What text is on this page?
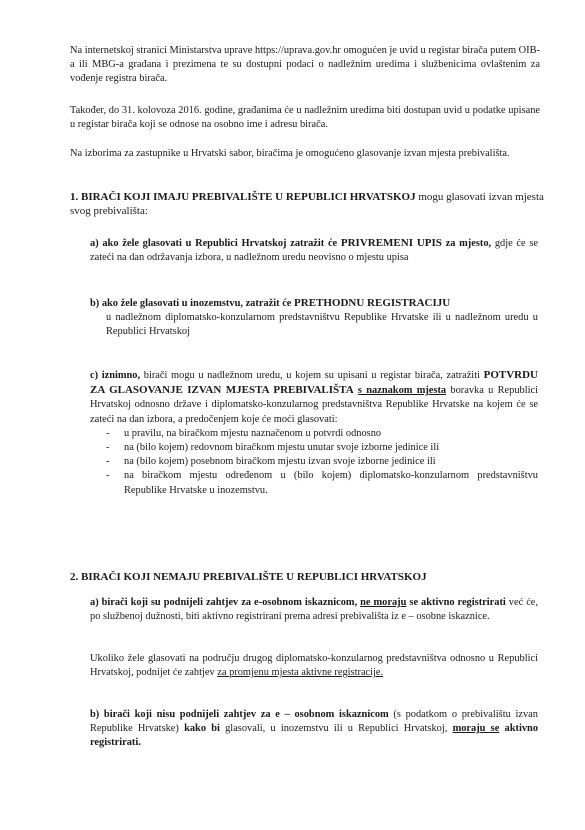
Na internetskoj stranici Ministarstva uprave https://uprava.gov.hr omogućen je uvid u registar birača putem OIB-a ili MBG-a građana i prezimena te su dostupni podaci o nadležnim uredima i službenicima ovlaštenim za vođenje registra birača.

Također, do 31. kolovoza 2016. godine, građanima će u nadležnim uredima biti dostupan uvid u podatke upisane u registar birača koji se odnose na osobno ime i adresu birača.

Na izborima za zastupnike u Hrvatski sabor, biračima je omogućeno glasovanje izvan mjesta prebivališta.

1. BIRAČI KOJI IMAJU PREBIVALIŠTE U REPUBLICI HRVATSKOJ mogu glasovati izvan mjesta svog prebivališta:
a) ako žele glasovati u Republici Hrvatskoj zatražit će PRIVREMENI UPIS za mjesto, gdje će se zateći na dan održavanja izbora, u nadležnom uredu neovisno o mjestu upisa
b) ako žele glasovati u inozemstvu, zatražit će PRETHODNU REGISTRACIJU
u nadležnom diplomatsko-konzularnom predstavništvu Republike Hrvatske ili u nadležnom uredu u Republici Hrvatskoj
c) iznimno, birači mogu u nadležnom uredu, u kojem su upisani u registar birača, zatražiti POTVRDU ZA GLASOVANJE IZVAN MJESTA PREBIVALIŠTA s naznakom mjesta boravka u Republici Hrvatskoj odnosno države i diplomatsko-konzularnog predstavništva Republike Hrvatske na kojem će se zateći na dan izbora, a predočenjem koje će moći glasovati:
- u pravilu, na biračkom mjestu naznačenom u potvrdi odnosno
- na (bilo kojem) redovnom biračkom mjestu unutar svoje izborne jedinice ili
- na (bilo kojem) posebnom biračkom mjestu izvan svoje izborne jedinice ili
- na biračkom mjestu određenom u (bilo kojem) diplomatsko-konzularnom predstavništvu Republike Hrvatske u inozemstvu.
2. BIRAČI KOJI NEMAJU PREBIVALIŠTE U REPUBLICI HRVATSKOJ
a) birači koji su podnijeli zahtjev za e-osobnom iskaznicom, ne moraju se aktivno registrirati već će, po službenoj dužnosti, biti aktivno registrirani prema adresi prebivališta iz e – osobne iskaznice.
Ukoliko žele glasovati na području drugog diplomatsko-konzularnog predstavništva odnosno u Republici Hrvatskoj, podnijet će zahtjev za promjenu mjesta aktivne registracije.
b) birači koji nisu podnijeli zahtjev za e – osobnom iskaznicom (s podatkom o prebivalištu izvan Republike Hrvatske) kako bi glasovali, u inozemstvu ili u Republici Hrvatskoj, moraju se aktivno registrirati.
